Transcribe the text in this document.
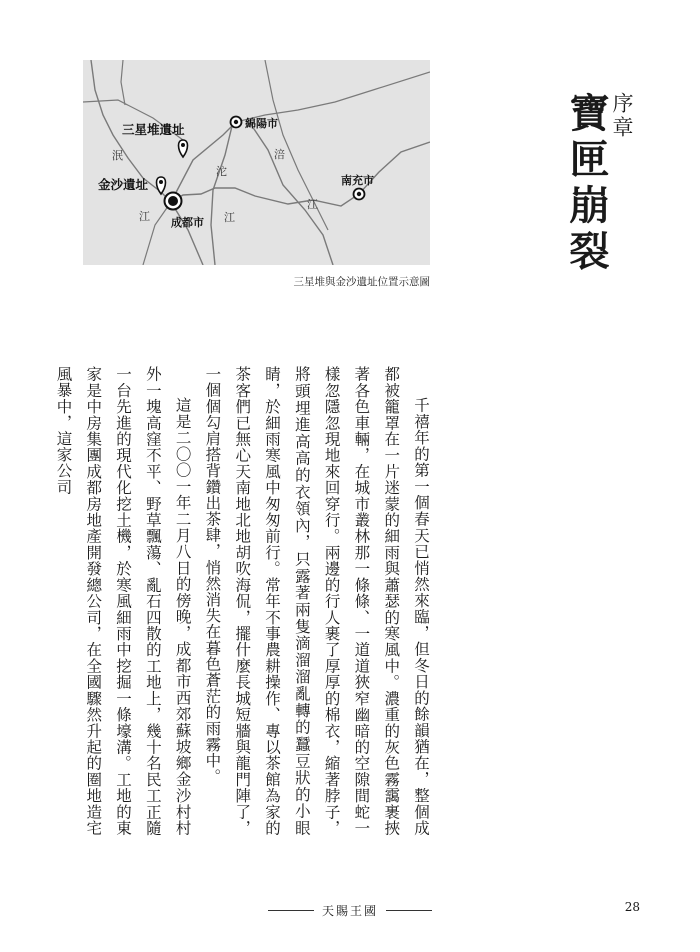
綿陽市
南充市
成都市
三星堆遺址
金沙遺址
泯
江
沱
江
涪
江
三星堆與金沙遺址位置示意圖
序章
寶匣崩裂

千禧年的第一個春天已悄然來臨，但冬日的餘韻猶在，整個成都被籠罩在一片迷蒙的細雨與蕭瑟的寒風中。濃重的灰色霧靄裹挾著各色車輛，在城市叢林那一條條、一道道狹窄幽暗的空隙間蛇一樣忽隱忽現地來回穿行。兩邊的行人裹了厚厚的棉衣，縮著脖子，將頭埋進高高的衣領內，只露著兩隻滴溜溜亂轉的蠶豆狀的小眼睛，於細雨寒風中匆匆前行。常年不事農耕操作、專以茶館為家的茶客們已無心天南地北地胡吹海侃，擺什麼長城短牆與龍門陣了，一個個勾肩搭背鑽出茶肆，悄然消失在暮色蒼茫的雨霧中。

這是二〇〇一年二月八日的傍晚，成都市西郊蘇坡鄉金沙村村外一塊高窪不平、野草飄蕩、亂石四散的工地上，幾十名民工正隨一台先進的現代化挖土機，於寒風細雨中挖掘一條壕溝。工地的東家是中房集團成都房地產開發總公司，在全國驟然升起的圈地造宅風暴中，這家公司

天賜王國	28
